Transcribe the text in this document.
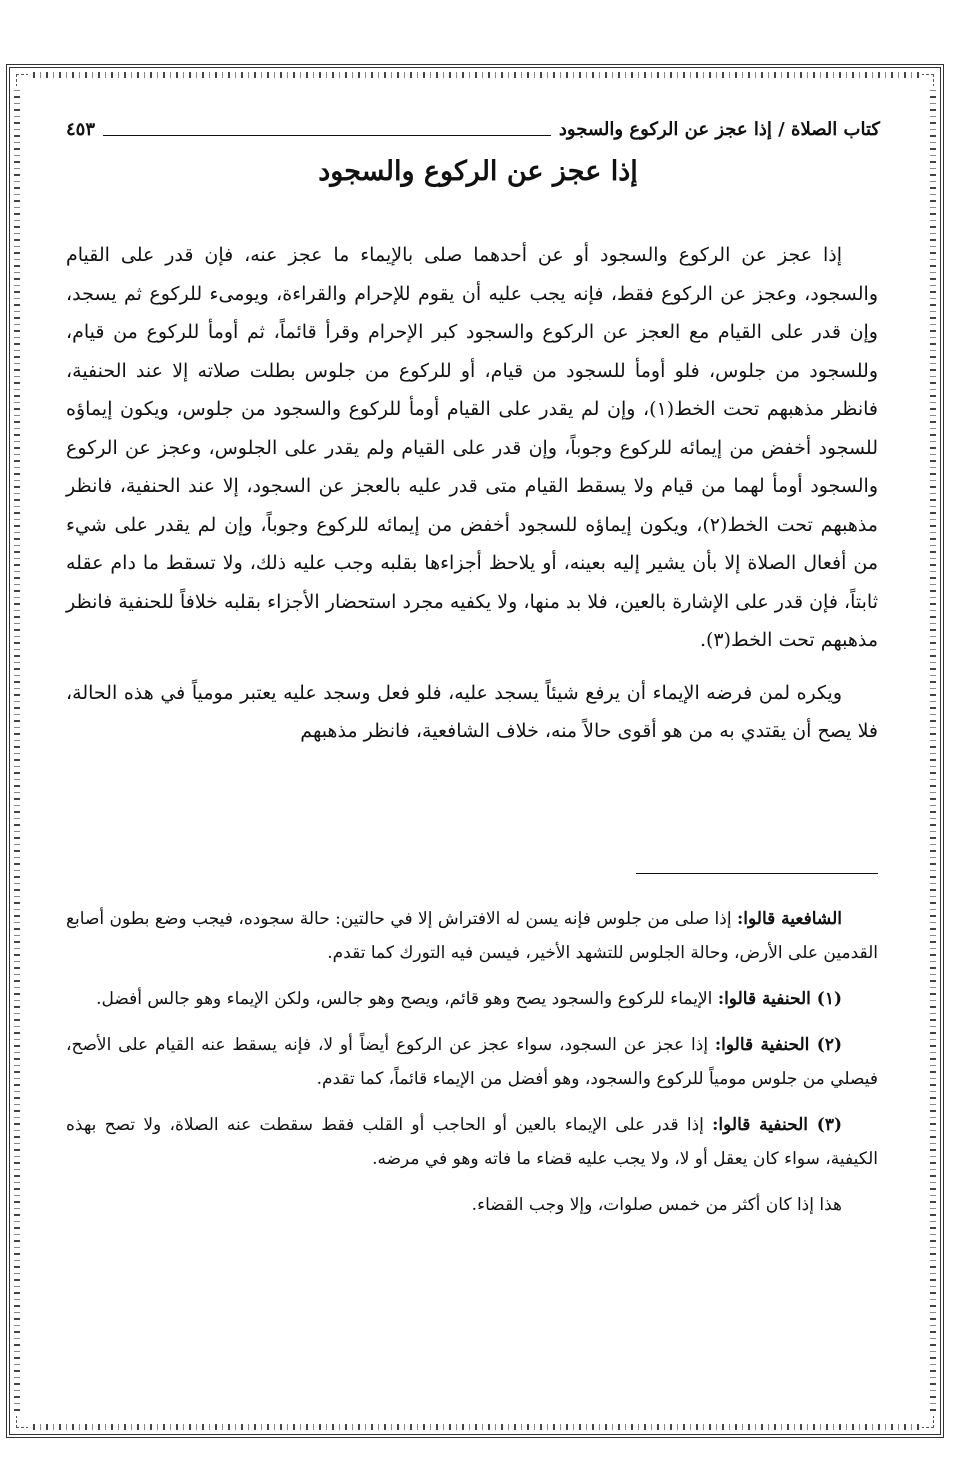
كتاب الصلاة / إذا عجز عن الركوع والسجود
٤٥٣
إذا عجز عن الركوع والسجود

إذا عجز عن الركوع والسجود أو عن أحدهما صلى بالإيماء ما عجز عنه، فإن قدر على القيام والسجود، وعجز عن الركوع فقط، فإنه يجب عليه أن يقوم للإحرام والقراءة، ويومىء للركوع ثم يسجد، وإن قدر على القيام مع العجز عن الركوع والسجود كبر الإحرام وقرأ قائماً، ثم أومأ للركوع من قيام، وللسجود من جلوس، فلو أومأ للسجود من قيام، أو للركوع من جلوس بطلت صلاته إلا عند الحنفية، فانظر مذهبهم تحت الخط(١)، وإن لم يقدر على القيام أومأ للركوع والسجود من جلوس، ويكون إيماؤه للسجود أخفض من إيمائه للركوع وجوباً، وإن قدر على القيام ولم يقدر على الجلوس، وعجز عن الركوع والسجود أومأ لهما من قيام ولا يسقط القيام متى قدر عليه بالعجز عن السجود، إلا عند الحنفية، فانظر مذهبهم تحت الخط(٢)، ويكون إيماؤه للسجود أخفض من إيمائه للركوع وجوباً، وإن لم يقدر على شيء من أفعال الصلاة إلا بأن يشير إليه بعينه، أو يلاحظ أجزاءها بقلبه وجب عليه ذلك، ولا تسقط ما دام عقله ثابتاً، فإن قدر على الإشارة بالعين، فلا بد منها، ولا يكفيه مجرد استحضار الأجزاء بقلبه خلافاً للحنفية فانظر مذهبهم تحت الخط(٣).

ويكره لمن فرضه الإيماء أن يرفع شيئاً يسجد عليه، فلو فعل وسجد عليه يعتبر مومياً في هذه الحالة، فلا يصح أن يقتدي به من هو أقوى حالاً منه، خلاف الشافعية، فانظر مذهبهم

الشافعية قالوا: إذا صلى من جلوس فإنه يسن له الافتراش إلا في حالتين: حالة سجوده، فيجب وضع بطون أصابع القدمين على الأرض، وحالة الجلوس للتشهد الأخير، فيسن فيه التورك كما تقدم.

(١) الحنفية قالوا: الإيماء للركوع والسجود يصح وهو قائم، ويصح وهو جالس، ولكن الإيماء وهو جالس أفضل.

(٢) الحنفية قالوا: إذا عجز عن السجود، سواء عجز عن الركوع أيضاً أو لا، فإنه يسقط عنه القيام على الأصح، فيصلي من جلوس مومياً للركوع والسجود، وهو أفضل من الإيماء قائماً، كما تقدم.

(٣) الحنفية قالوا: إذا قدر على الإيماء بالعين أو الحاجب أو القلب فقط سقطت عنه الصلاة، ولا تصح بهذه الكيفية، سواء كان يعقل أو لا، ولا يجب عليه قضاء ما فاته وهو في مرضه.

هذا إذا كان أكثر من خمس صلوات، وإلا وجب القضاء.
